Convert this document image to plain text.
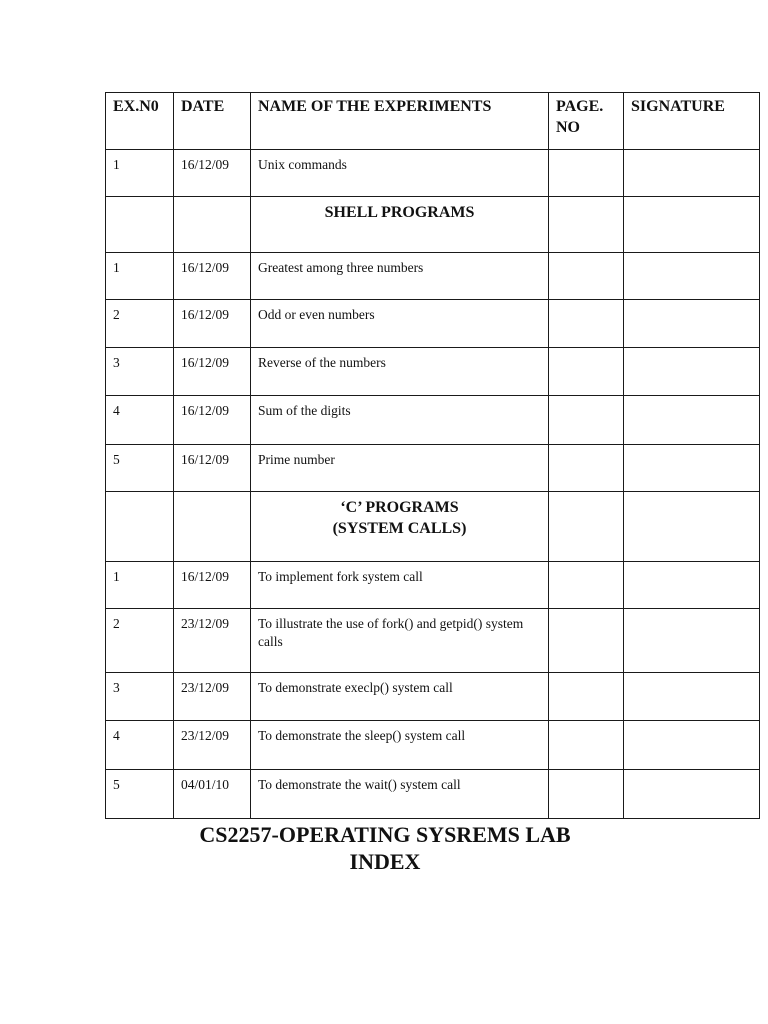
EX.N0	DATE	NAME OF THE EXPERIMENTS	PAGE. NO	SIGNATURE

1	16/12/09	Unix commands		

		SHELL PROGRAMS		

1	16/12/09	Greatest among three numbers		

2	16/12/09	Odd or even numbers		

3	16/12/09	Reverse of the numbers		

4	16/12/09	Sum of the digits		

5	16/12/09	Prime number		

		‘C’ PROGRAMS
(SYSTEM CALLS)		

1	16/12/09	To implement fork system call		

2	23/12/09	To illustrate the use of fork() and getpid() system calls		

3	23/12/09	To demonstrate execlp() system call		

4	23/12/09	To demonstrate the sleep() system call		

5	04/01/10	To demonstrate the wait() system call		

CS2257-OPERATING SYSREMS LAB
INDEX
